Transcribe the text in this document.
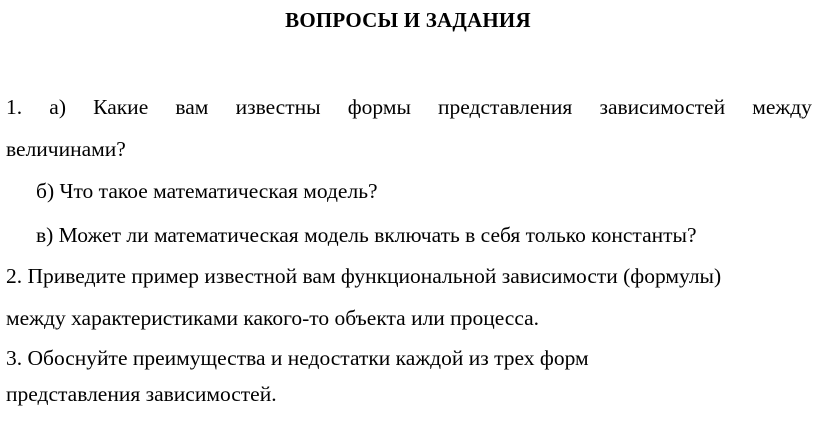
ВОПРОСЫ И ЗАДАНИЯ
1. а) Какие вам известны формы представления зависимостей между
величинами?
б) Что такое математическая модель?
в) Может ли математическая модель включать в себя только константы?
2. Приведите пример известной вам функциональной зависимости (формулы)
между характеристиками какого-то объекта или процесса.
3. Обоснуйте преимущества и недостатки каждой из трех форм
представления зависимостей.
